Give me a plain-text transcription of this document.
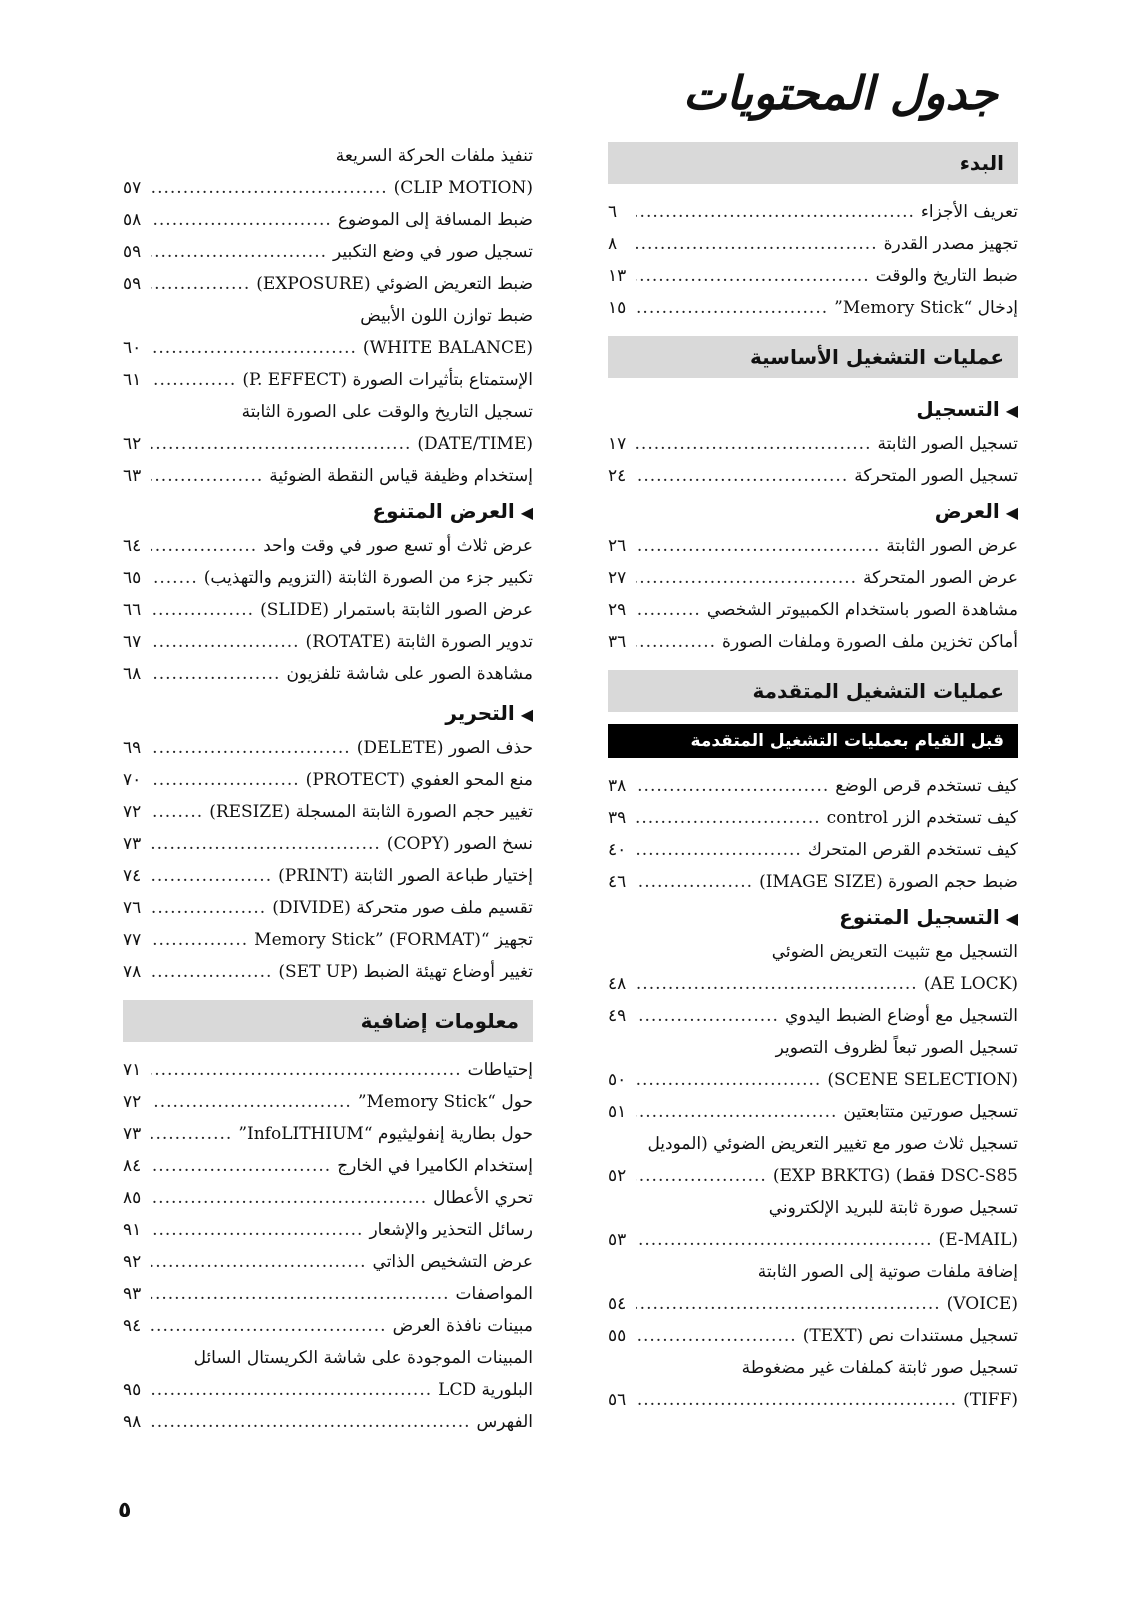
جدول المحتويات
البدء
تعريف الأجزاء
.....
٦
تجهيز مصدر القدرة
.....
٨
ضبط التاريخ والوقت
.....
١٣
إدخال “Memory Stick”
.....
١٥
عمليات التشغيل الأساسية
◀التسجيل
تسجيل الصور الثابتة
.....
١٧
تسجيل الصور المتحركة
.....
٢٤
◀العرض
عرض الصور الثابتة
.....
٢٦
عرض الصور المتحركة
.....
٢٧
مشاهدة الصور باستخدام الكمبيوتر الشخصي
.....
٢٩
أماكن تخزين ملف الصورة وملفات الصورة
.....
٣٦
عمليات التشغيل المتقدمة
قبل القيام بعمليات التشغيل المتقدمة
كيف تستخدم قرص الوضع
.....
٣٨
كيف تستخدم الزر control
.....
٣٩
كيف تستخدم القرص المتحرك
.....
٤٠
ضبط حجم الصورة (IMAGE SIZE)
.....
٤٦
◀التسجيل المتنوع
التسجيل مع تثبيت التعريض الضوئي
(AE LOCK)
.....
٤٨
التسجيل مع أوضاع الضبط اليدوي
.....
٤٩
تسجيل الصور تبعاً لظروف التصوير
(SCENE SELECTION)
.....
٥٠
تسجيل صورتين متتابعتين
.....
٥١
تسجيل ثلاث صور مع تغيير التعريض الضوئي (الموديل
DSC-S85 فقط) (EXP BRKTG)
.....
٥٢
تسجيل صورة ثابتة للبريد الإلكتروني
(E-MAIL)
.....
٥٣
إضافة ملفات صوتية إلى الصور الثابتة
(VOICE)
.....
٥٤
تسجيل مستندات نص (TEXT)
.....
٥٥
تسجيل صور ثابتة كملفات غير مضغوطة
(TIFF)
.....
٥٦
تنفيذ ملفات الحركة السريعة
(CLIP MOTION)
.....
٥٧
ضبط المسافة إلى الموضوع
.....
٥٨
تسجيل صور في وضع التكبير
.....
٥٩
ضبط التعريض الضوئي (EXPOSURE)
.....
٥٩
ضبط توازن اللون الأبيض
(WHITE BALANCE)
.....
٦٠
الإستمتاع بتأثيرات الصورة (P. EFFECT)
.....
٦١
تسجيل التاريخ والوقت على الصورة الثابتة
(DATE/TIME)
.....
٦٢
إستخدام وظيفة قياس النقطة الضوئية
.....
٦٣
◀العرض المتنوع
عرض ثلاث أو تسع صور في وقت واحد
.....
٦٤
تكبير جزء من الصورة الثابتة (التزويم والتهذيب)
.....
٦٥
عرض الصور الثابتة باستمرار (SLIDE)
.....
٦٦
تدوير الصورة الثابتة (ROTATE)
.....
٦٧
مشاهدة الصور على شاشة تلفزيون
.....
٦٨
◀التحرير
حذف الصور (DELETE)
.....
٦٩
منع المحو العفوي (PROTECT)
.....
٧٠
تغيير حجم الصورة الثابتة المسجلة (RESIZE)
.....
٧٢
نسخ الصور (COPY)
.....
٧٣
إختيار طباعة الصور الثابتة (PRINT)
.....
٧٤
تقسيم ملف صور متحركة (DIVIDE)
.....
٧٦
تجهيز “Memory Stick” (FORMAT)
.....
٧٧
تغيير أوضاع تهيئة الضبط (SET UP)
.....
٧٨
معلومات إضافية
إحتياطات
.....
٧١
حول “Memory Stick”
.....
٧٢
حول بطارية إنفوليثيوم “InfoLITHIUM”
.....
٧٣
إستخدام الكاميرا في الخارج
.....
٨٤
تحري الأعطال
.....
٨٥
رسائل التحذير والإشعار
.....
٩١
عرض التشخيص الذاتي
.....
٩٢
المواصفات
.....
٩٣
مبينات نافذة العرض
.....
٩٤
المبينات الموجودة على شاشة الكريستال السائل
البلورية LCD
.....
٩٥
الفهرس
.....
٩٨
٥
